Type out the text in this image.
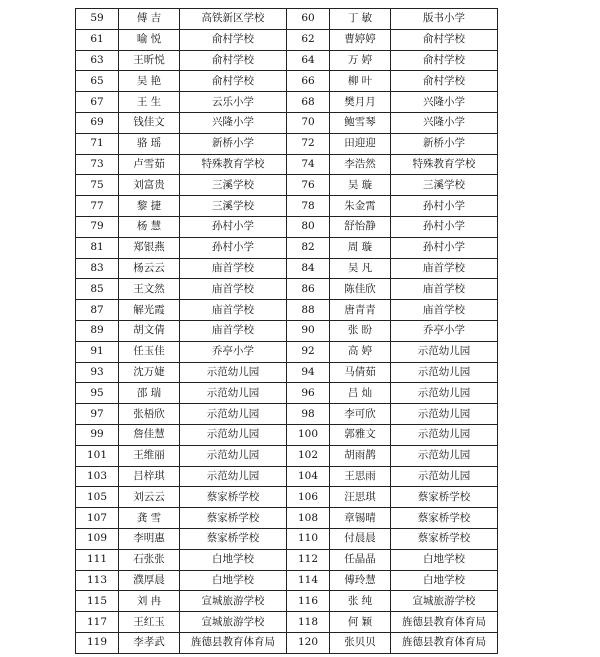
59	傅 吉	高铁新区学校	60	丁 敏	版书小学
61	喻 悦	俞村学校	62	曹婷婷	俞村学校
63	王昕悦	俞村学校	64	万 婷	俞村学校
65	吴 艳	俞村学校	66	柳 叶	俞村学校
67	王 生	云乐小学	68	樊月月	兴隆小学
69	钱佳文	兴隆小学	70	鲍雪琴	兴隆小学
71	骆 瑶	新桥小学	72	田迎迎	新桥小学
73	卢雪茹	特殊教育学校	74	李浩然	特殊教育学校
75	刘富贵	三溪学校	76	吴 璇	三溪学校
77	黎 捷	三溪学校	78	朱金霄	孙村小学
79	杨 慧	孙村小学	80	舒怡静	孙村小学
81	郑银燕	孙村小学	82	周 璇	孙村小学
83	杨云云	庙首学校	84	吴 凡	庙首学校
85	王文然	庙首学校	86	陈佳欣	庙首学校
87	解光霞	庙首学校	88	唐青青	庙首学校
89	胡文倩	庙首学校	90	张 盼	乔亭小学
91	任玉佳	乔亭小学	92	高 婷	示范幼儿园
93	沈万婕	示范幼儿园	94	马倩茹	示范幼儿园
95	邵 瑞	示范幼儿园	96	吕 灿	示范幼儿园
97	张梧欣	示范幼儿园	98	李可欣	示范幼儿园
99	詹佳慧	示范幼儿园	100	郭雅文	示范幼儿园
101	王维丽	示范幼儿园	102	胡雨鹊	示范幼儿园
103	吕梓琪	示范幼儿园	104	王思雨	示范幼儿园
105	刘云云	蔡家桥学校	106	汪思琪	蔡家桥学校
107	龚 雪	蔡家桥学校	108	章锡晴	蔡家桥学校
109	李明惠	蔡家桥学校	110	付晨晨	蔡家桥学校
111	石张张	白地学校	112	任晶晶	白地学校
113	濮厚晨	白地学校	114	傅玲慧	白地学校
115	刘 冉	宣城旅游学校	116	张 纯	宣城旅游学校
117	王红玉	宣城旅游学校	118	何 颖	旌德县教育体育局
119	李孝武	旌德县教育体育局	120	张贝贝	旌德县教育体育局
